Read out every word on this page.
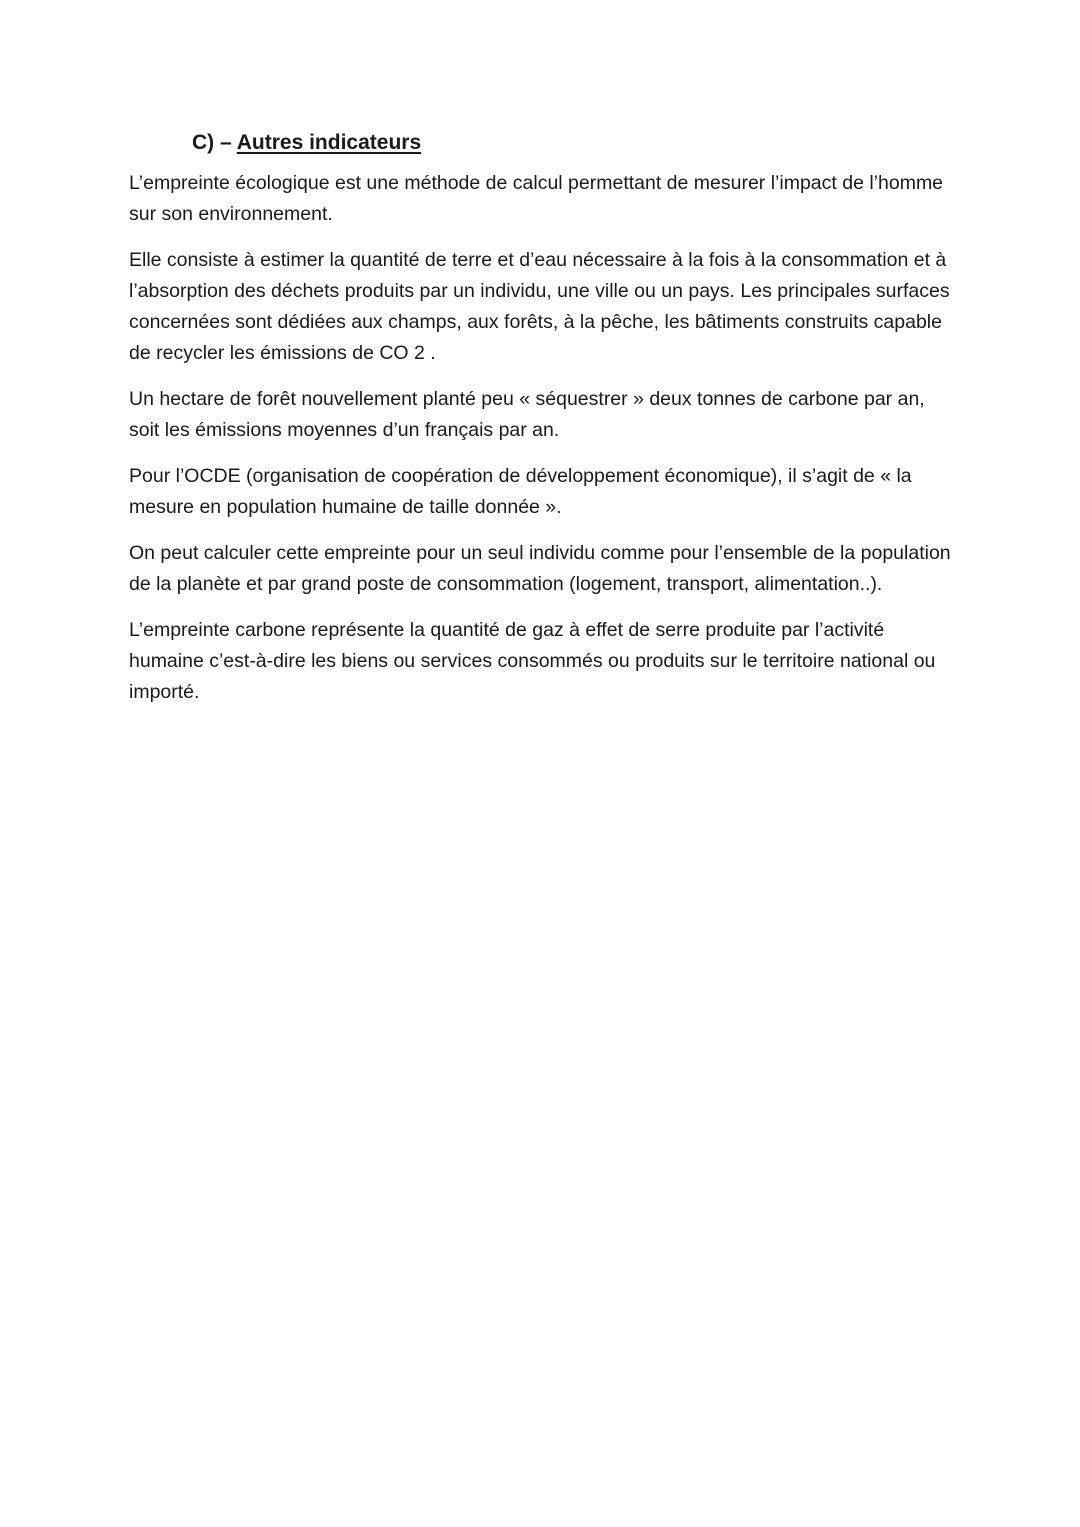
C) – Autres indicateurs

L’empreinte écologique est une méthode de calcul permettant de mesurer l’impact de l’homme sur son environnement.

Elle consiste à estimer la quantité de terre et d’eau nécessaire à la fois à la consommation et à l’absorption des déchets produits par un individu, une ville ou un pays. Les principales surfaces concernées sont dédiées aux champs, aux forêts, à la pêche, les bâtiments construits capable de recycler les émissions de CO 2 .

Un hectare de forêt nouvellement planté peu « séquestrer » deux tonnes de carbone par an, soit les émissions moyennes d’un français par an.

Pour l’OCDE (organisation de coopération de développement économique), il s’agit de « la mesure en population humaine de taille donnée ».

On peut calculer cette empreinte pour un seul individu comme pour l’ensemble de la population de la planète et par grand poste de consommation (logement, transport, alimentation..).

L’empreinte carbone représente la quantité de gaz à effet de serre produite par l’activité humaine c’est-à-dire les biens ou services consommés ou produits sur le territoire national ou importé.
